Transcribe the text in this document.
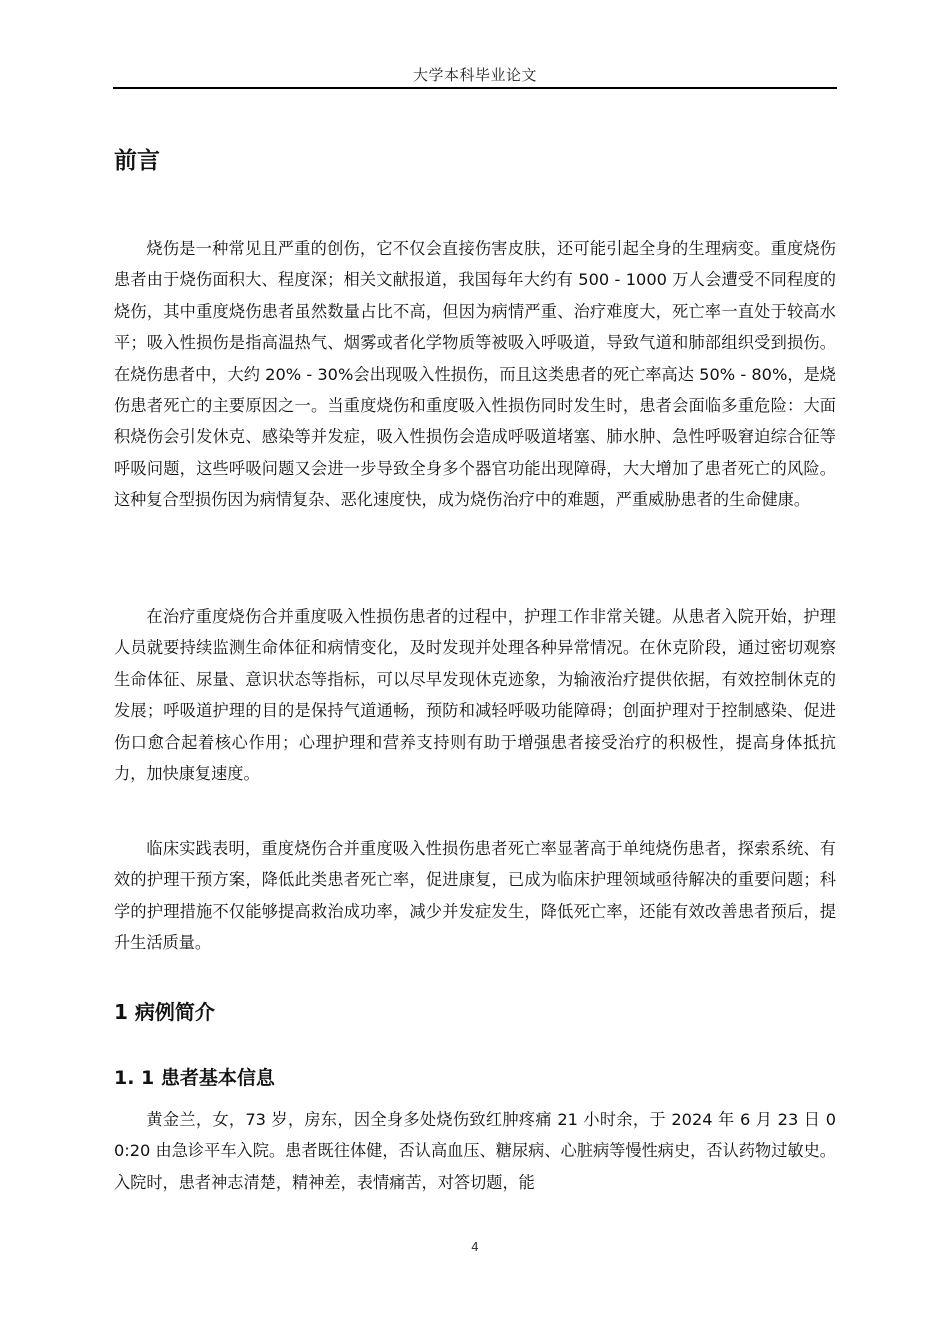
大学本科毕业论文
前言

烧伤是一种常见且严重的创伤，它不仅会直接伤害皮肤，还可能引起全身的生理病变。重度烧伤患者由于烧伤面积大、程度深；相关文献报道，我国每年大约有 500 - 1000 万人会遭受不同程度的烧伤，其中重度烧伤患者虽然数量占比不高，但因为病情严重、治疗难度大，死亡率一直处于较高水平；吸入性损伤是指高温热气、烟雾或者化学物质等被吸入呼吸道，导致气道和肺部组织受到损伤。在烧伤患者中，大约 20% - 30%会出现吸入性损伤，而且这类患者的死亡率高达 50% - 80%，是烧伤患者死亡的主要原因之一。当重度烧伤和重度吸入性损伤同时发生时，患者会面临多重危险：大面积烧伤会引发休克、感染等并发症，吸入性损伤会造成呼吸道堵塞、肺水肿、急性呼吸窘迫综合征等呼吸问题，这些呼吸问题又会进一步导致全身多个器官功能出现障碍，大大增加了患者死亡的风险。这种复合型损伤因为病情复杂、恶化速度快，成为烧伤治疗中的难题，严重威胁患者的生命健康。

在治疗重度烧伤合并重度吸入性损伤患者的过程中，护理工作非常关键。从患者入院开始，护理人员就要持续监测生命体征和病情变化，及时发现并处理各种异常情况。在休克阶段，通过密切观察生命体征、尿量、意识状态等指标，可以尽早发现休克迹象，为输液治疗提供依据，有效控制休克的发展；呼吸道护理的目的是保持气道通畅，预防和减轻呼吸功能障碍；创面护理对于控制感染、促进伤口愈合起着核心作用；心理护理和营养支持则有助于增强患者接受治疗的积极性，提高身体抵抗力，加快康复速度。

临床实践表明，重度烧伤合并重度吸入性损伤患者死亡率显著高于单纯烧伤患者，探索系统、有效的护理干预方案，降低此类患者死亡率，促进康复，已成为临床护理领域亟待解决的重要问题；科学的护理措施不仅能够提高救治成功率，减少并发症发生，降低死亡率，还能有效改善患者预后，提升生活质量。

1 病例简介
1. 1 患者基本信息

黄金兰，女，73 岁，房东，因全身多处烧伤致红肿疼痛 21 小时余，于 2024 年 6 月 23 日 00:20 由急诊平车入院。患者既往体健，否认高血压、糖尿病、心脏病等慢性病史，否认药物过敏史。入院时，患者神志清楚，精神差，表情痛苦，对答切题，能

4
